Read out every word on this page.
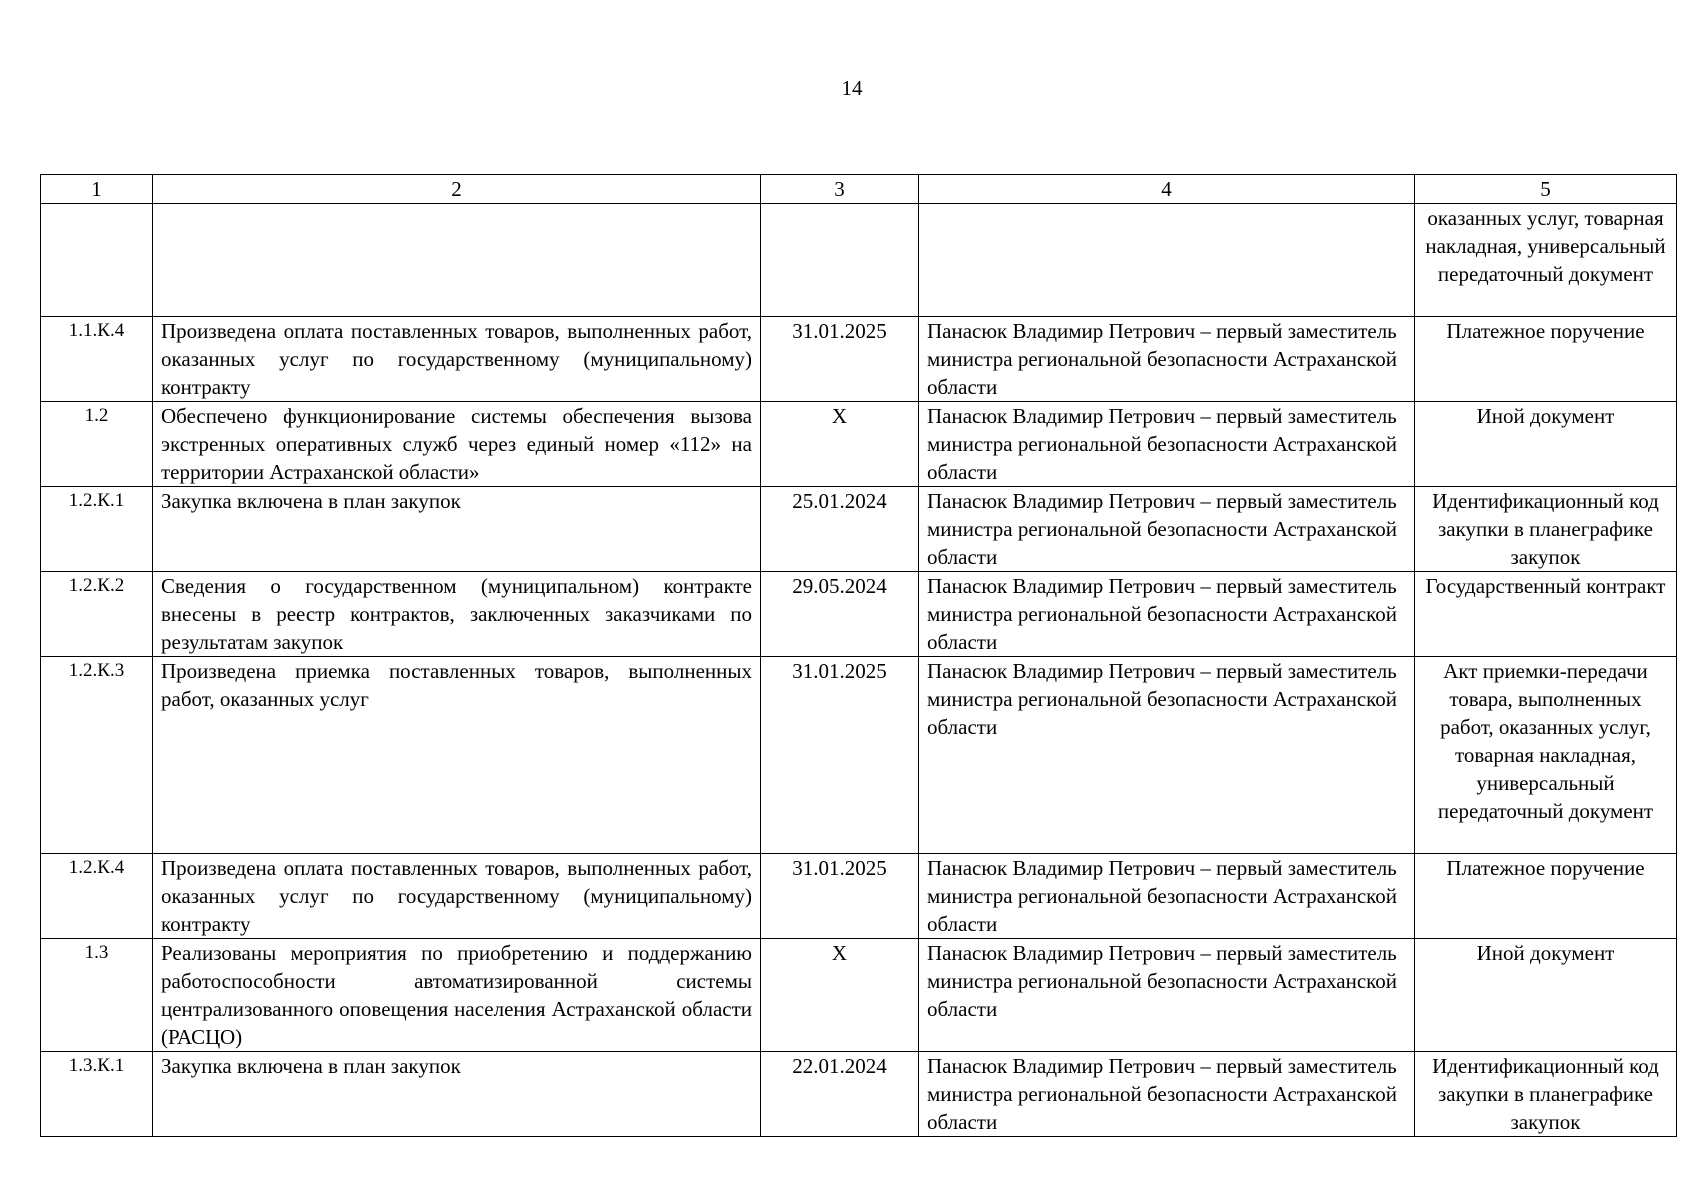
14
1	2	3	4	5
				оказанных услуг, товарная накладная, универсальный передаточный документ
1.1.К.4	Произведена оплата поставленных товаров, выполненных работ, оказанных услуг по государственному (муниципальному) контракту	31.01.2025	Панасюк Владимир Петрович – первый заместитель министра региональной безопасности Астраханской области	Платежное поручение
1.2	Обеспечено функционирование системы обеспечения вызова экстренных оперативных служб через единый номер «112» на территории Астраханской области»	X	Панасюк Владимир Петрович – первый заместитель министра региональной безопасности Астраханской области	Иной документ
1.2.К.1	Закупка включена в план закупок	25.01.2024	Панасюк Владимир Петрович – первый заместитель министра региональной безопасности Астраханской области	Идентификационный код закупки в планеграфике закупок
1.2.К.2	Сведения о государственном (муниципальном) контракте внесены в реестр контрактов, заключенных заказчиками по результатам закупок	29.05.2024	Панасюк Владимир Петрович – первый заместитель министра региональной безопасности Астраханской области	Государственный контракт
1.2.К.3	Произведена приемка поставленных товаров, выполненных работ, оказанных услуг	31.01.2025	Панасюк Владимир Петрович – первый заместитель министра региональной безопасности Астраханской области	Акт приемки-передачи товара, выполненных работ, оказанных услуг, товарная накладная, универсальный передаточный документ
1.2.К.4	Произведена оплата поставленных товаров, выполненных работ, оказанных услуг по государственному (муниципальному) контракту	31.01.2025	Панасюк Владимир Петрович – первый заместитель министра региональной безопасности Астраханской области	Платежное поручение
1.3	Реализованы мероприятия по приобретению и поддержанию работоспособности автоматизированной системы централизованного оповещения населения Астраханской области (РАСЦО)	X	Панасюк Владимир Петрович – первый заместитель министра региональной безопасности Астраханской области	Иной документ
1.3.К.1	Закупка включена в план закупок	22.01.2024	Панасюк Владимир Петрович – первый заместитель министра региональной безопасности Астраханской области	Идентификационный код закупки в планеграфике закупок
